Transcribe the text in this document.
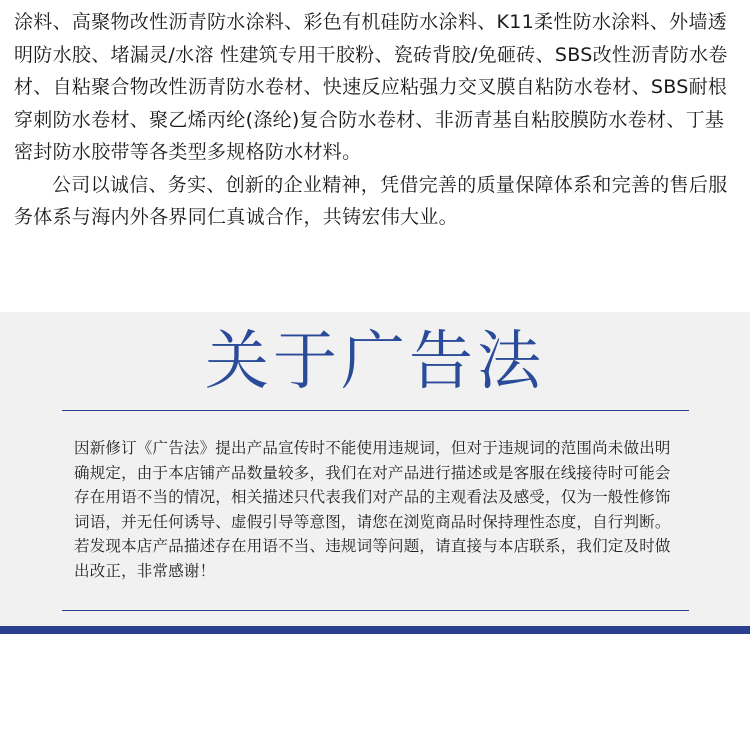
涂料、高聚物改性沥青防水涂料、彩色有机硅防水涂料、K11柔性防水涂料、外墙透明防水胶、堵漏灵/水溶 性建筑专用干胶粉、瓷砖背胶/免砸砖、SBS改性沥青防水卷材、自粘聚合物改性沥青防水卷材、快速反应粘强力交叉膜自粘防水卷材、SBS耐根穿刺防水卷材、聚乙烯丙纶(涤纶)复合防水卷材、非沥青基自粘胶膜防水卷材、丁基密封防水胶带等各类型多规格防水材料。

公司以诚信、务实、创新的企业精神，凭借完善的质量保障体系和完善的售后服务体系与海内外各界同仁真诚合作，共铸宏伟大业。

关于广告法

因新修订《广告法》提出产品宣传时不能使用违规词，但对于违规词的范围尚未做出明确规定，由于本店铺产品数量较多，我们在对产品进行描述或是客服在线接待时可能会存在用语不当的情况，相关描述只代表我们对产品的主观看法及感受，仅为一般性修饰词语，并无任何诱导、虚假引导等意图，请您在浏览商品时保持理性态度，自行判断。若发现本店产品描述存在用语不当、违规词等问题，请直接与本店联系，我们定及时做出改正，非常感谢！
